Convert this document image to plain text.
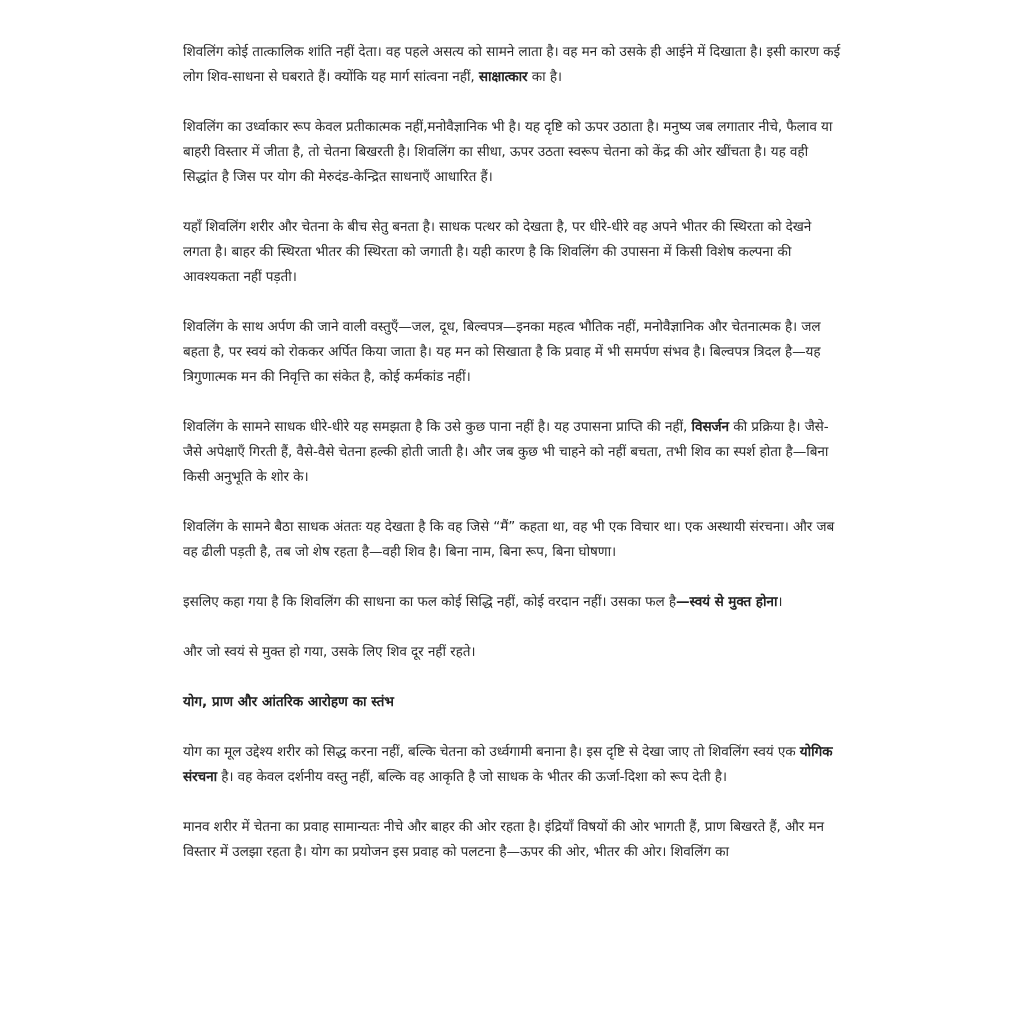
शिवलिंग कोई तात्कालिक शांति नहीं देता। वह पहले असत्य को सामने लाता है। वह मन को उसके ही आईने में दिखाता है। इसी कारण कई लोग शिव-साधना से घबराते हैं। क्योंकि यह मार्ग सांत्वना नहीं, साक्षात्कार का है।

शिवलिंग का उर्ध्वाकार रूप केवल प्रतीकात्मक नहीं,मनोवैज्ञानिक भी है। यह दृष्टि को ऊपर उठाता है। मनुष्य जब लगातार नीचे, फैलाव या बाहरी विस्तार में जीता है, तो चेतना बिखरती है। शिवलिंग का सीधा, ऊपर उठता स्वरूप चेतना को केंद्र की ओर खींचता है। यह वही सिद्धांत है जिस पर योग की मेरुदंड-केन्द्रित साधनाएँ आधारित हैं।

यहाँ शिवलिंग शरीर और चेतना के बीच सेतु बनता है। साधक पत्थर को देखता है, पर धीरे-धीरे वह अपने भीतर की स्थिरता को देखने लगता है। बाहर की स्थिरता भीतर की स्थिरता को जगाती है। यही कारण है कि शिवलिंग की उपासना में किसी विशेष कल्पना की आवश्यकता नहीं पड़ती।

शिवलिंग के साथ अर्पण की जाने वाली वस्तुएँ—जल, दूध, बिल्वपत्र—इनका महत्व भौतिक नहीं, मनोवैज्ञानिक और चेतनात्मक है। जल बहता है, पर स्वयं को रोककर अर्पित किया जाता है। यह मन को सिखाता है कि प्रवाह में भी समर्पण संभव है। बिल्वपत्र त्रिदल है—यह त्रिगुणात्मक मन की निवृत्ति का संकेत है, कोई कर्मकांड नहीं।

शिवलिंग के सामने साधक धीरे-धीरे यह समझता है कि उसे कुछ पाना नहीं है। यह उपासना प्राप्ति की नहीं, विसर्जन की प्रक्रिया है। जैसे-जैसे अपेक्षाएँ गिरती हैं, वैसे-वैसे चेतना हल्की होती जाती है। और जब कुछ भी चाहने को नहीं बचता, तभी शिव का स्पर्श होता है—बिना किसी अनुभूति के शोर के।

शिवलिंग के सामने बैठा साधक अंततः यह देखता है कि वह जिसे “मैं” कहता था, वह भी एक विचार था। एक अस्थायी संरचना। और जब वह ढीली पड़ती है, तब जो शेष रहता है—वही शिव है। बिना नाम, बिना रूप, बिना घोषणा।

इसलिए कहा गया है कि शिवलिंग की साधना का फल कोई सिद्धि नहीं, कोई वरदान नहीं। उसका फल है—स्वयं से मुक्त होना।

और जो स्वयं से मुक्त हो गया, उसके लिए शिव दूर नहीं रहते।

योग, प्राण और आंतरिक आरोहण का स्तंभ

योग का मूल उद्देश्य शरीर को सिद्ध करना नहीं, बल्कि चेतना को उर्ध्वगामी बनाना है। इस दृष्टि से देखा जाए तो शिवलिंग स्वयं एक योगिक संरचना है। वह केवल दर्शनीय वस्तु नहीं, बल्कि वह आकृति है जो साधक के भीतर की ऊर्जा-दिशा को रूप देती है।

मानव शरीर में चेतना का प्रवाह सामान्यतः नीचे और बाहर की ओर रहता है। इंद्रियाँ विषयों की ओर भागती हैं, प्राण बिखरते हैं, और मन विस्तार में उलझा रहता है। योग का प्रयोजन इस प्रवाह को पलटना है—ऊपर की ओर, भीतर की ओर। शिवलिंग का
